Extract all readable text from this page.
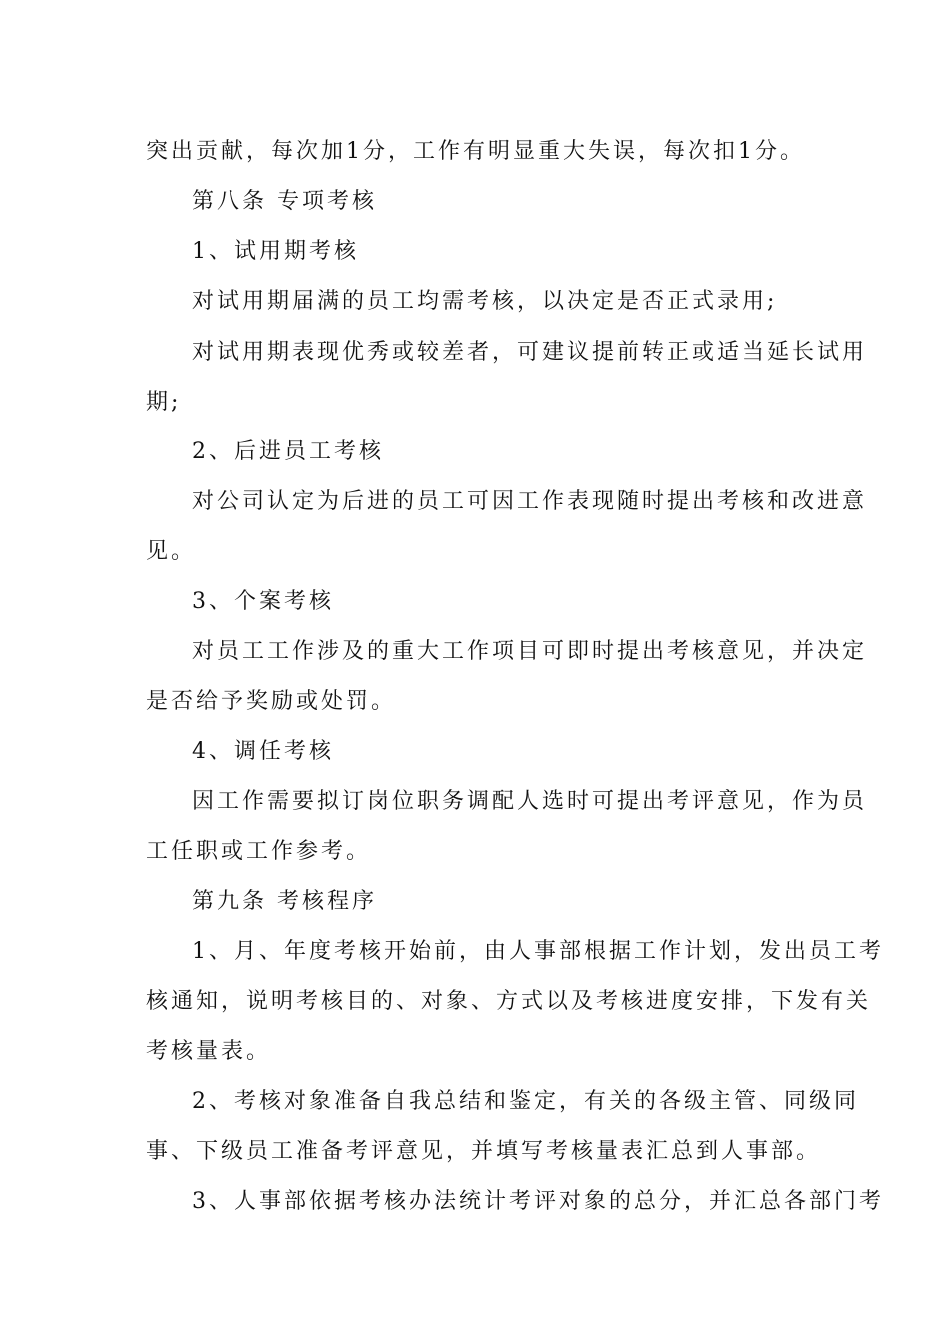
突出贡献，每次加1分，工作有明显重大失误，每次扣1分。
第八条 专项考核
1、试用期考核
对试用期届满的员工均需考核，以决定是否正式录用;
对试用期表现优秀或较差者，可建议提前转正或适当延长试用
期;
2、后进员工考核
对公司认定为后进的员工可因工作表现随时提出考核和改进意
见。
3、个案考核
对员工工作涉及的重大工作项目可即时提出考核意见，并决定
是否给予奖励或处罚。
4、调任考核
因工作需要拟订岗位职务调配人选时可提出考评意见，作为员
工任职或工作参考。
第九条 考核程序
1、月、年度考核开始前，由人事部根据工作计划，发出员工考
核通知，说明考核目的、对象、方式以及考核进度安排，下发有关
考核量表。
2、考核对象准备自我总结和鉴定，有关的各级主管、同级同
事、下级员工准备考评意见，并填写考核量表汇总到人事部。
3、人事部依据考核办法统计考评对象的总分，并汇总各部门考
